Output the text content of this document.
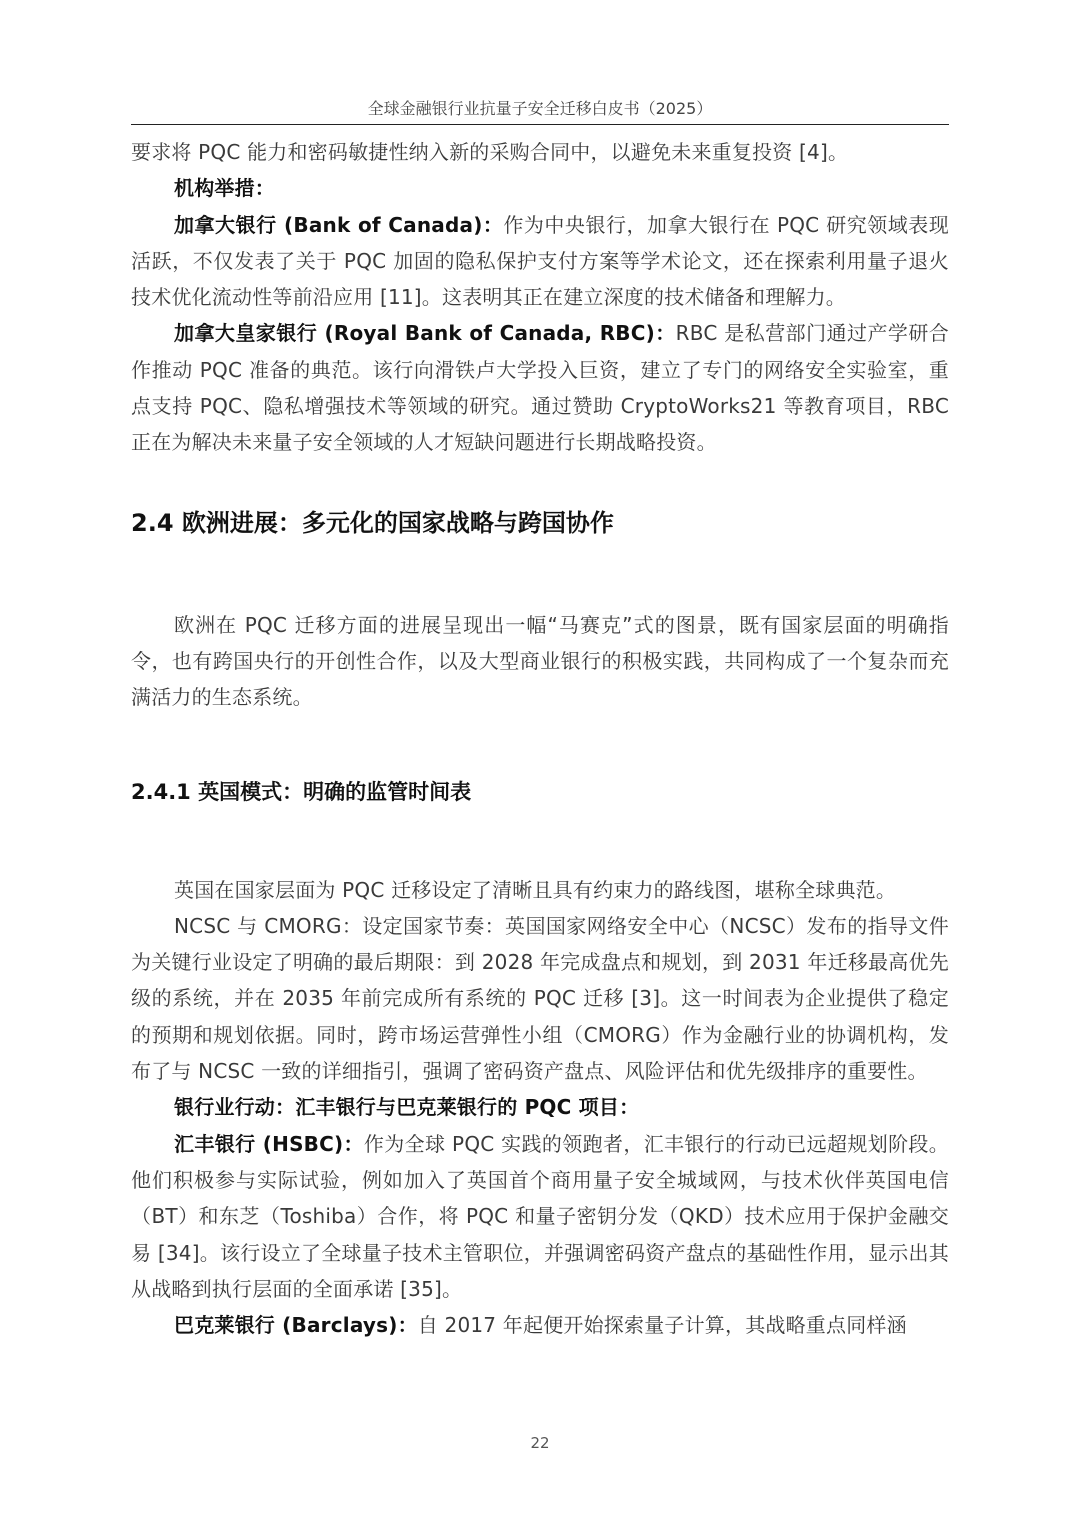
全球金融银行业抗量子安全迁移白皮书（2025）

要求将 PQC 能力和密码敏捷性纳入新的采购合同中，以避免未来重复投资 [4]。

机构举措：

加拿大银行 (Bank of Canada)：作为中央银行，加拿大银行在 PQC 研究领域表现活跃，不仅发表了关于 PQC 加固的隐私保护支付方案等学术论文，还在探索利用量子退火技术优化流动性等前沿应用 [11]。这表明其正在建立深度的技术储备和理解力。

加拿大皇家银行 (Royal Bank of Canada, RBC)：RBC 是私营部门通过产学研合作推动 PQC 准备的典范。该行向滑铁卢大学投入巨资，建立了专门的网络安全实验室，重点支持 PQC、隐私增强技术等领域的研究。通过赞助 CryptoWorks21 等教育项目，RBC 正在为解决未来量子安全领域的人才短缺问题进行长期战略投资。

2.4 欧洲进展：多元化的国家战略与跨国协作

欧洲在 PQC 迁移方面的进展呈现出一幅“马赛克”式的图景，既有国家层面的明确指令，也有跨国央行的开创性合作，以及大型商业银行的积极实践，共同构成了一个复杂而充满活力的生态系统。

2.4.1 英国模式：明确的监管时间表

英国在国家层面为 PQC 迁移设定了清晰且具有约束力的路线图，堪称全球典范。

NCSC 与 CMORG：设定国家节奏：英国国家网络安全中心（NCSC）发布的指导文件为关键行业设定了明确的最后期限：到 2028 年完成盘点和规划，到 2031 年迁移最高优先级的系统，并在 2035 年前完成所有系统的 PQC 迁移 [3]。这一时间表为企业提供了稳定的预期和规划依据。同时，跨市场运营弹性小组（CMORG）作为金融行业的协调机构，发布了与 NCSC 一致的详细指引，强调了密码资产盘点、风险评估和优先级排序的重要性。

银行业行动：汇丰银行与巴克莱银行的 PQC 项目：

汇丰银行 (HSBC)：作为全球 PQC 实践的领跑者，汇丰银行的行动已远超规划阶段。他们积极参与实际试验，例如加入了英国首个商用量子安全城域网，与技术伙伴英国电信（BT）和东芝（Toshiba）合作，将 PQC 和量子密钥分发（QKD）技术应用于保护金融交易 [34]。该行设立了全球量子技术主管职位，并强调密码资产盘点的基础性作用，显示出其从战略到执行层面的全面承诺 [35]。

巴克莱银行 (Barclays)：自 2017 年起便开始探索量子计算，其战略重点同样涵

22
